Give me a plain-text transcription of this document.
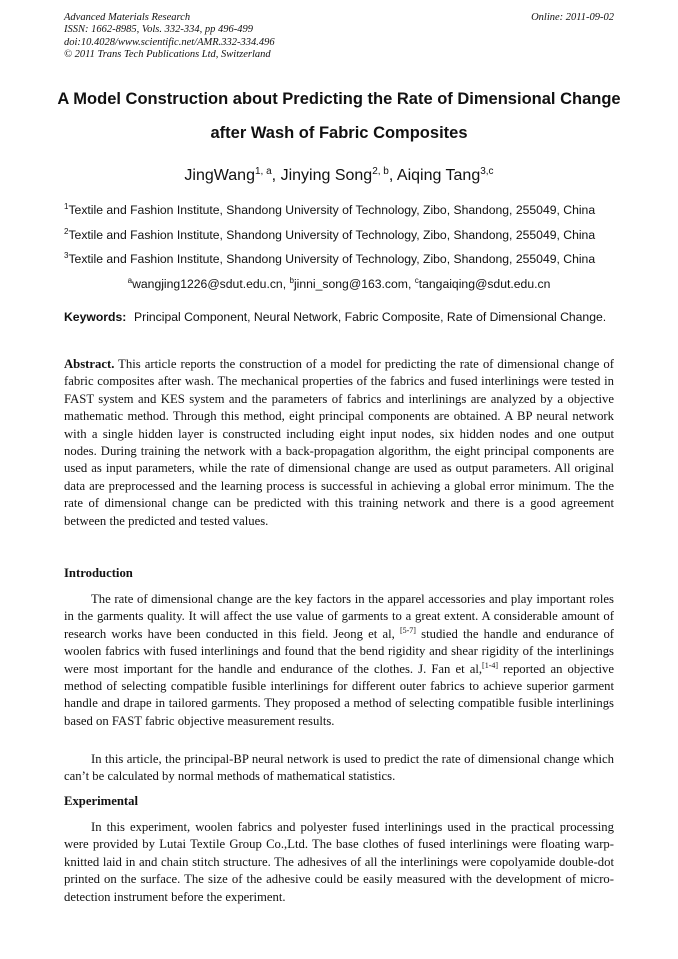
Advanced Materials Research
ISSN: 1662-8985, Vols. 332-334, pp 496-499
doi:10.4028/www.scientific.net/AMR.332-334.496
© 2011 Trans Tech Publications Ltd, Switzerland
Online: 2011-09-02
A Model Construction about Predicting the Rate of Dimensional Change
after Wash of Fabric Composites
JingWang$^{1, a}$, Jinying Song$^{2, b}$, Aiqing Tang$^{3,c}$
$^1$Textile and Fashion Institute, Shandong University of Technology, Zibo, Shandong, 255049, China
$^2$Textile and Fashion Institute, Shandong University of Technology, Zibo, Shandong, 255049, China
$^3$Textile and Fashion Institute, Shandong University of Technology, Zibo, Shandong, 255049, China
$^a$wangjing1226@sdut.edu.cn, $^b$jinni_song@163.com, $^c$tangaiqing@sdut.edu.cn
Keywords: Principal Component, Neural Network, Fabric Composite, Rate of Dimensional Change.

Abstract. This article reports the construction of a model for predicting the rate of dimensional change of fabric composites after wash. The mechanical properties of the fabrics and fused interlinings were tested in FAST system and KES system and the parameters of fabrics and interlinings are analyzed by a objective mathematic method. Through this method, eight principal components are obtained. A BP neural network with a single hidden layer is constructed including eight input nodes, six hidden nodes and one output nodes. During training the network with a back-propagation algorithm, the eight principal components are used as input parameters, while the rate of dimensional change are used as output parameters. All original data are preprocessed and the learning process is successful in achieving a global error minimum. The the rate of dimensional change can be predicted with this training network and there is a good agreement between the predicted and tested values.

Introduction

The rate of dimensional change are the key factors in the apparel accessories and play important roles in the garments quality. It will affect the use value of garments to a great extent. A considerable amount of research works have been conducted in this field. Jeong et al, [5-7] studied the handle and endurance of woolen fabrics with fused interlinings and found that the bend rigidity and shear rigidity of the interlinings were most important for the handle and endurance of the clothes. J. Fan et al,[1-4] reported an objective method of selecting compatible fusible interlinings for different outer fabrics to achieve superior garment handle and drape in tailored garments. They proposed a method of selecting compatible fusible interlinings based on FAST fabric objective measurement results.

In this article, the principal-BP neural network is used to predict the rate of dimensional change which can’t be calculated by normal methods of mathematical statistics.

Experimental

In this experiment, woolen fabrics and polyester fused interlinings used in the practical processing were provided by Lutai Textile Group Co.,Ltd. The base clothes of fused interlinings were floating warp-knitted laid in and chain stitch structure. The adhesives of all the interlinings were copolyamide double-dot printed on the surface. The size of the adhesive could be easily measured with the development of micro-detection instrument before the experiment.
